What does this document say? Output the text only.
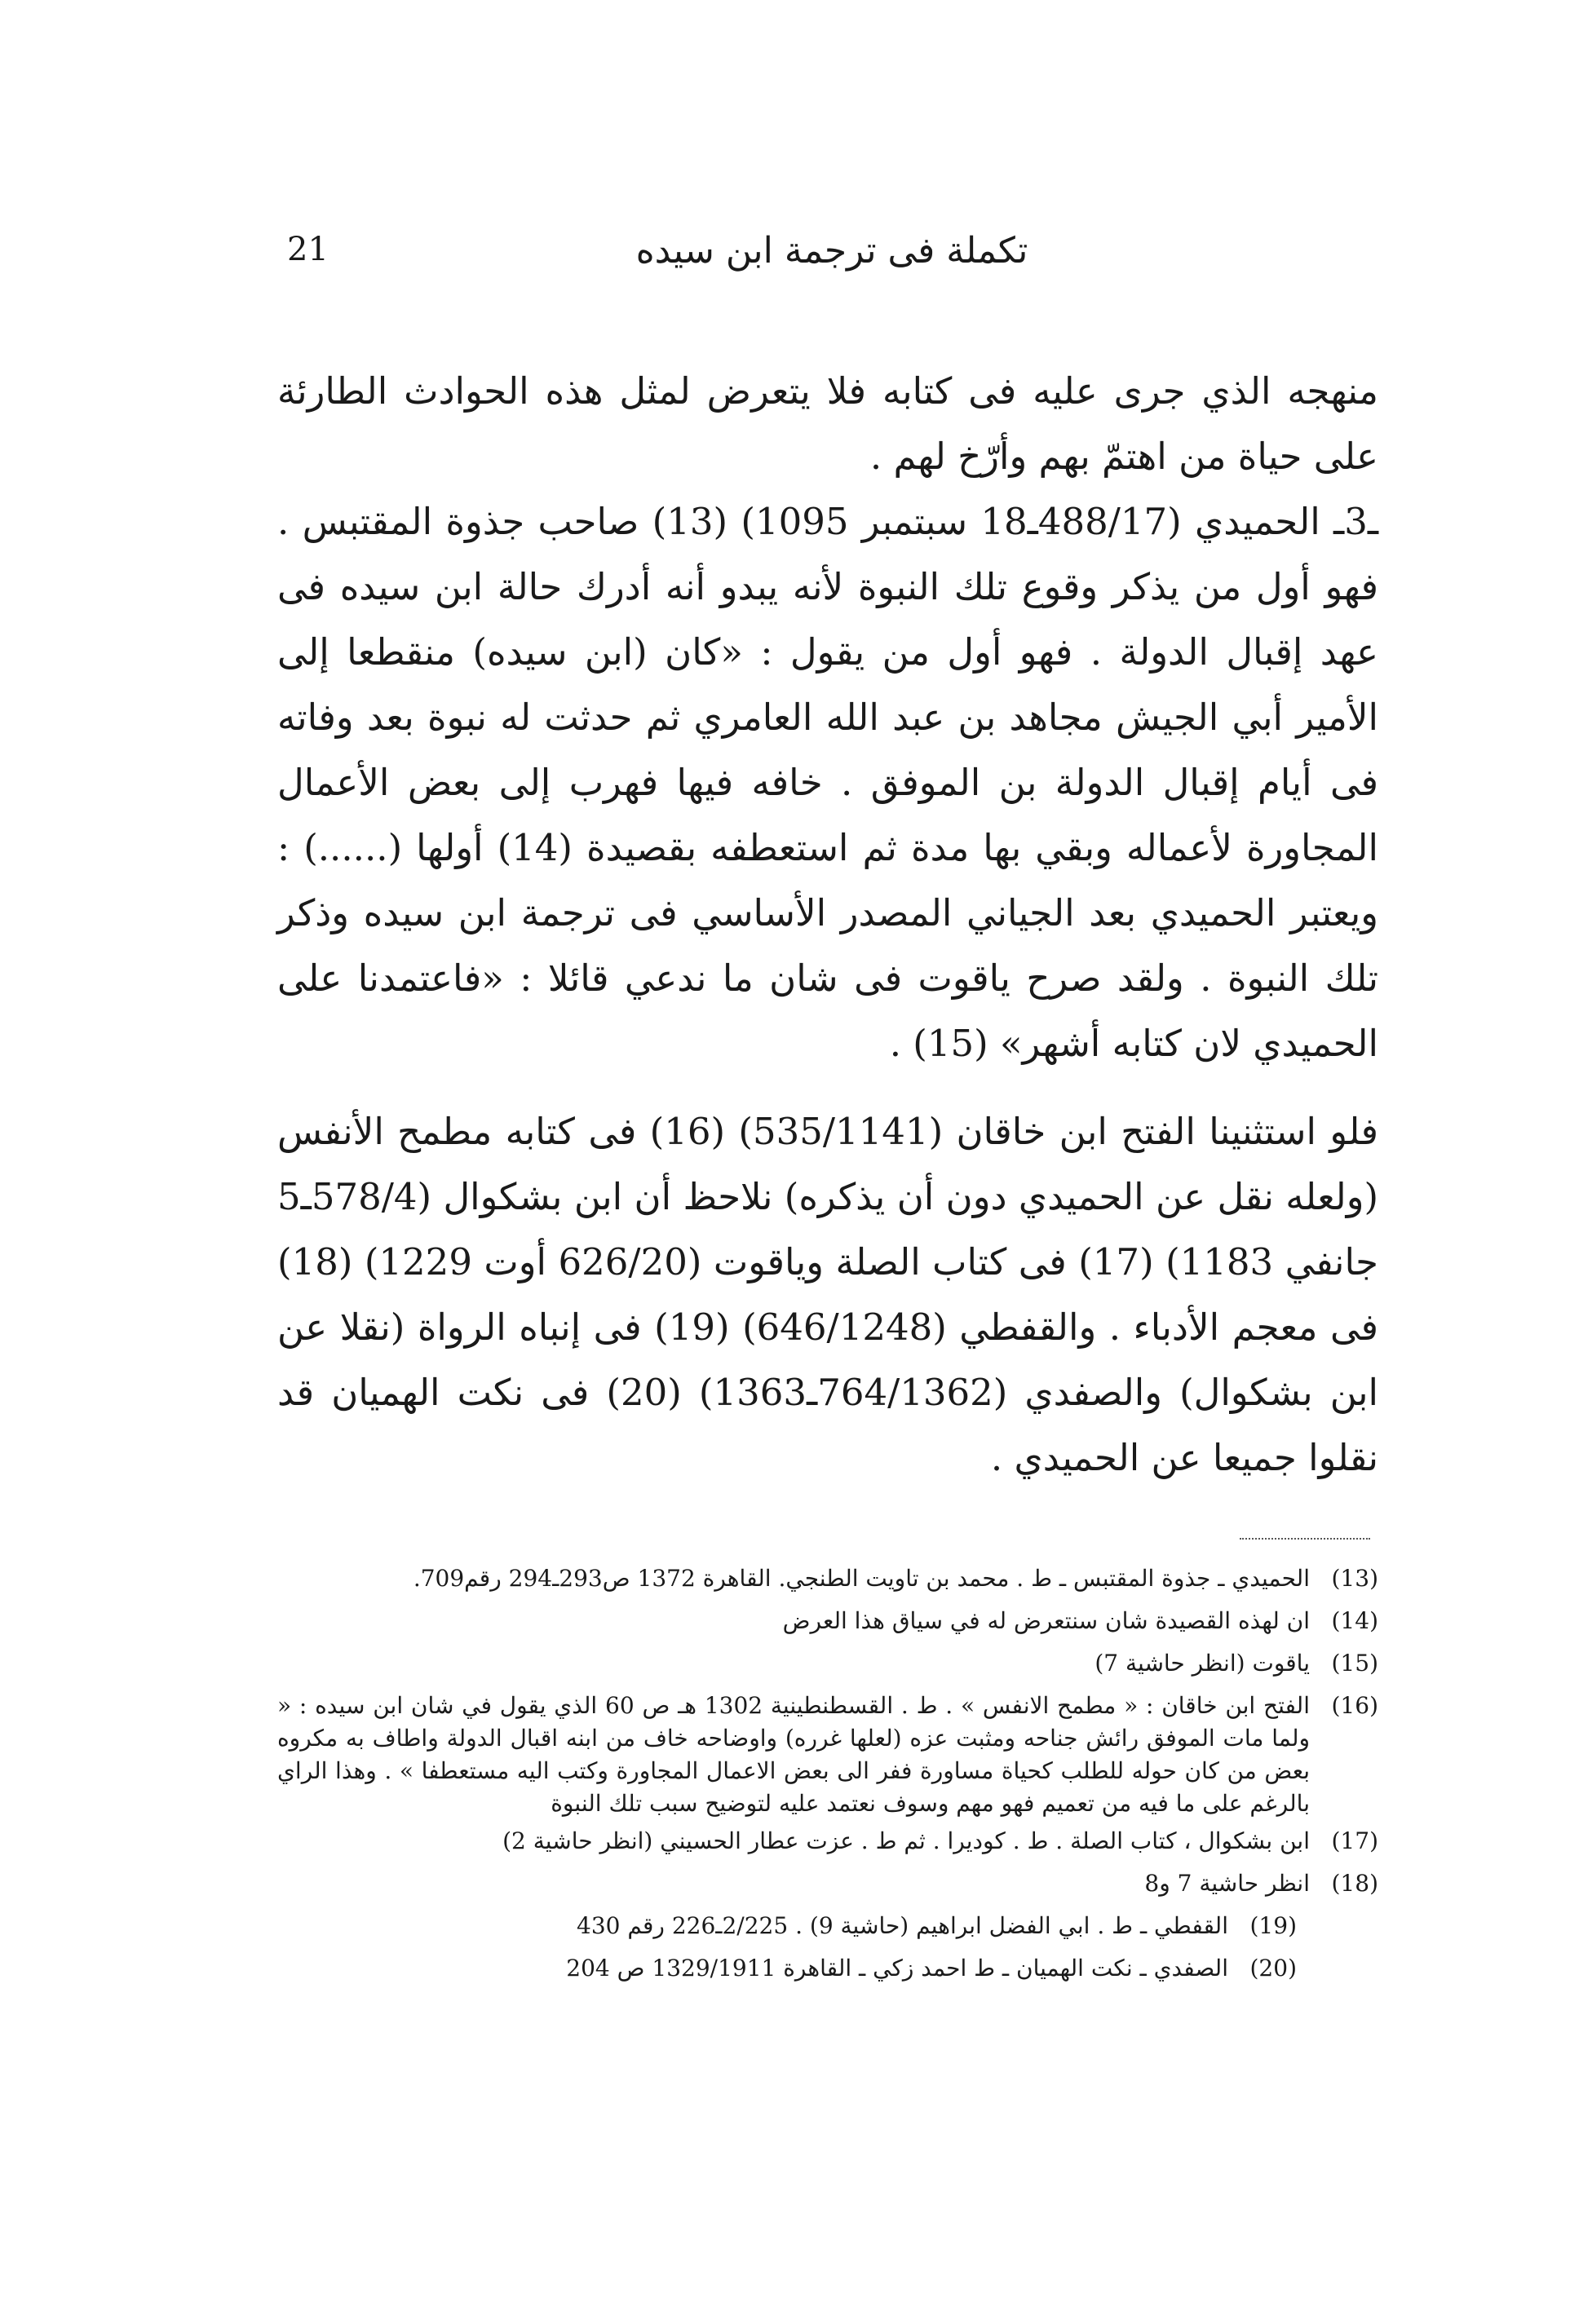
21	تكملة فى ترجمة ابن سيده

منهجه الذي جرى عليه فى كتابه فلا يتعرض لمثل هذه الحوادث الطارئة على حياة من اهتمّ بهم وأرّخ لهم .

ـ3ـ الحميدي (488/17ـ18 سبتمبر 1095) (13) صاحب جذوة المقتبس . فهو أول من يذكر وقوع تلك النبوة لأنه يبدو أنه أدرك حالة ابن سيده فى عهد إقبال الدولة . فهو أول من يقول : «كان (ابن سيده) منقطعا إلى الأمير أبي الجيش مجاهد بن عبد الله العامري ثم حدثت له نبوة بعد وفاته فى أيام إقبال الدولة بن الموفق . خافه فيها فهرب إلى بعض الأعمال المجاورة لأعماله وبقي بها مدة ثم استعطفه بقصيدة (14) أولها (......) : ويعتبر الحميدي بعد الجياني المصدر الأساسي فى ترجمة ابن سيده وذكر تلك النبوة . ولقد صرح ياقوت فى شان ما ندعي قائلا : «فاعتمدنا على الحميدي لان كتابه أشهر» (15) .

فلو استثنينا الفتح ابن خاقان (535/1141) (16) فى كتابه مطمح الأنفس (ولعله نقل عن الحميدي دون أن يذكره) نلاحظ أن ابن بشكوال (578/4ـ5 جانفي 1183) (17) فى كتاب الصلة وياقوت (626/20 أوت 1229) (18) فى معجم الأدباء . والقفطي (646/1248) (19) فى إنباه الرواة (نقلا عن ابن بشكوال) والصفدي (764/1362ـ1363) (20) فى نكت الهميان قد نقلوا جميعا عن الحميدي .

(13)
الحميدي ـ جذوة المقتبس ـ ط . محمد بن تاويت الطنجي. القاهرة 1372 ص293ـ294 رقم709.
(14)
ان لهذه القصيدة شان سنتعرض له في سياق هذا العرض
(15)
ياقوت (انظر حاشية 7)
(16)
الفتح ابن خاقان : « مطمح الانفس » . ط . القسطنطينية 1302 هـ ص 60 الذي يقول في شان ابن سيده : « ولما مات الموفق رائش جناحه ومثبت عزه (لعلها غرره) واوضاحه خاف من ابنه اقبال الدولة واطاف به مكروه بعض من كان حوله للطلب كحياة مساورة ففر الى بعض الاعمال المجاورة وكتب اليه مستعطفا » . وهذا الراي بالرغم على ما فيه من تعميم فهو مهم وسوف نعتمد عليه لتوضيح سبب تلك النبوة
(17)
ابن بشكوال ، كتاب الصلة . ط . كوديرا . ثم ط . عزت عطار الحسيني (انظر حاشية 2)
(18)
انظر حاشية 7 و8
(19)
القفطي ـ ط . ابي الفضل ابراهيم (حاشية 9) . 2/225ـ226 رقم 430
(20)
الصفدي ـ نكت الهميان ـ ط احمد زكي ـ القاهرة 1329/1911 ص 204
